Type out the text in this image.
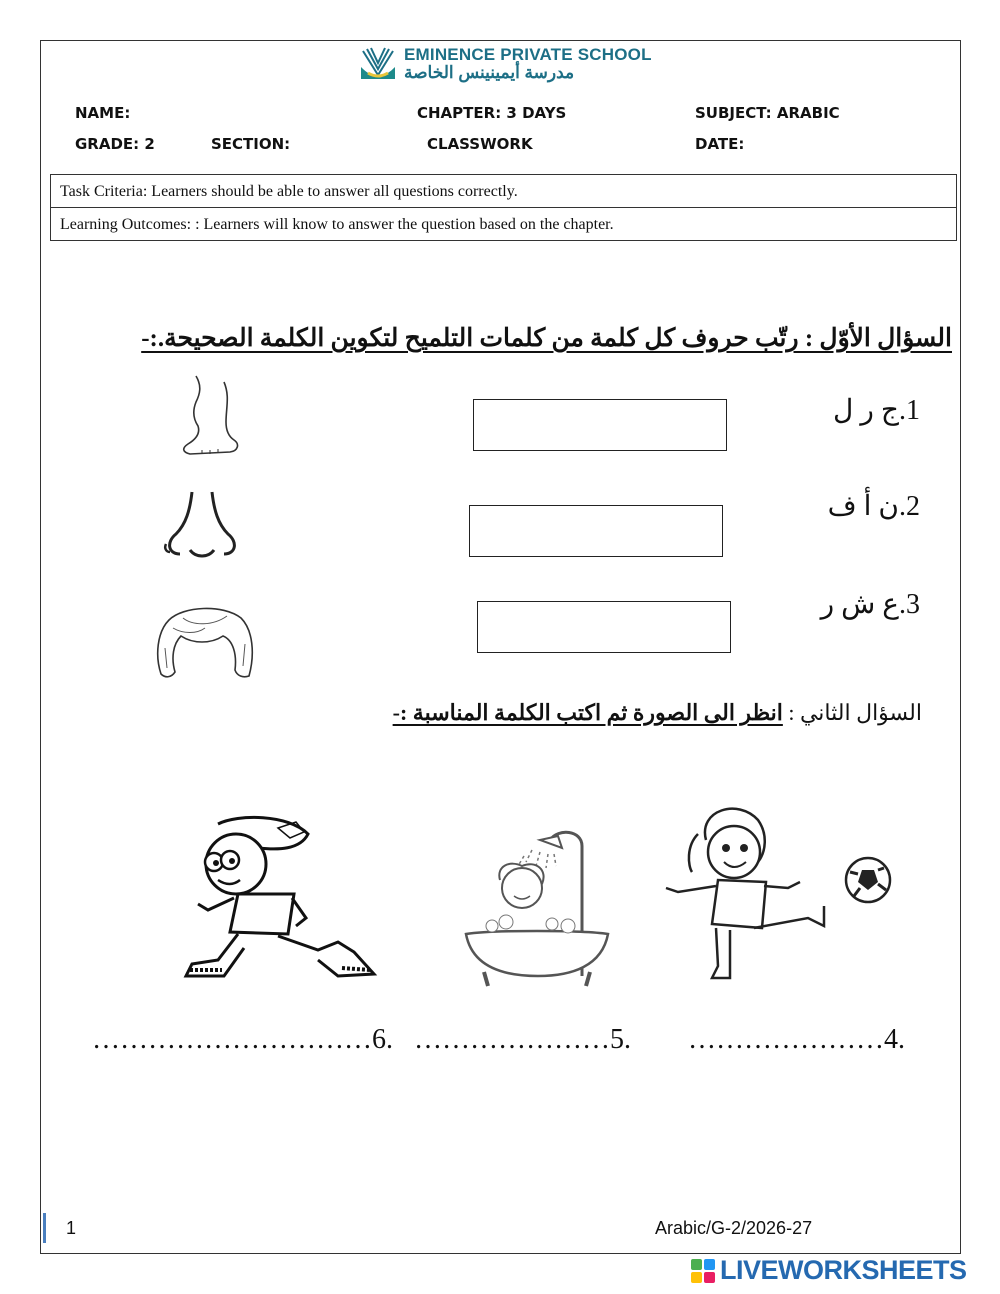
EMINENCE PRIVATE SCHOOL
مدرسة أيمينينس الخاصة
NAME:	CHAPTER: 3 DAYS	SUBJECT: ARABIC
GRADE: 2	SECTION:	CLASSWORK	DATE:
Task Criteria: Learners should be able to answer all questions correctly.
Learning Outcomes: : Learners will know to answer the question based on the chapter.
السؤال الأوّل : رتّب حروف كل كلمة من كلمات التلميح لتكوين الكلمة الصحيحة.:-
1.ج ر ل
2.ن أ ف
3.ع ش ر
السؤال الثاني : انظر الى الصورة ثم اكتب الكلمة المناسبة :-
…………………………6. …………………5. …………………4.
1	Arabic/G-2/2026-27
LIVEWORKSHEETS
